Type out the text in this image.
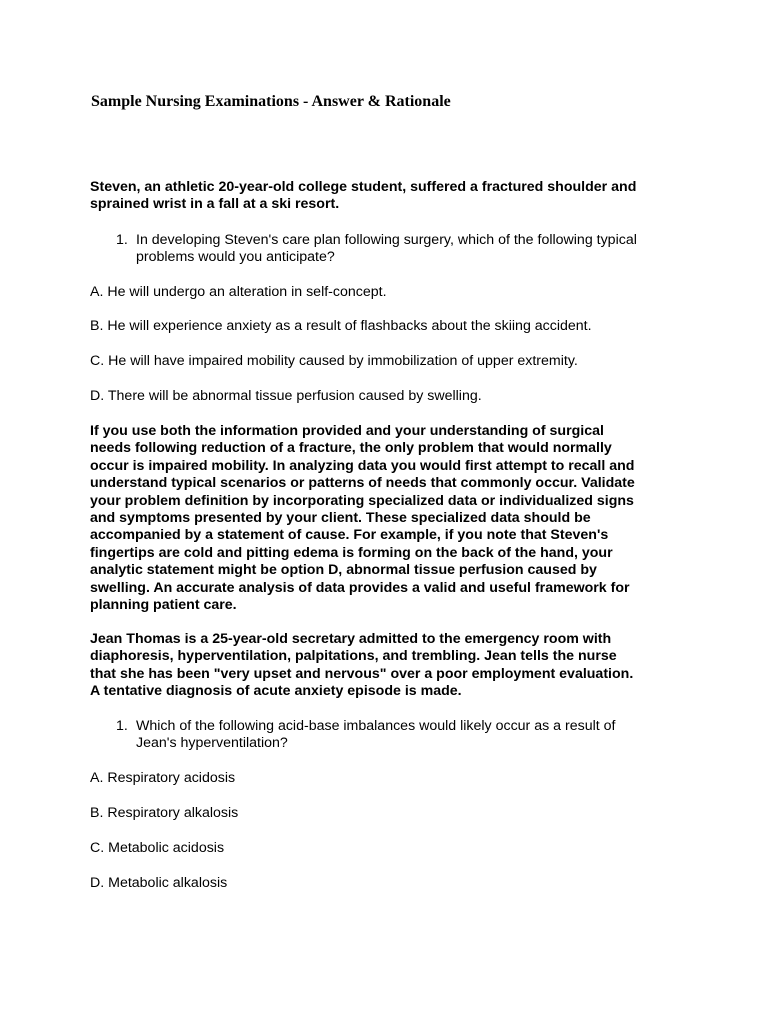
Sample Nursing Examinations - Answer & Rationale
Steven, an athletic 20-year-old college student, suffered a fractured shoulder and
sprained wrist in a fall at a ski resort.
1. In developing Steven's care plan following surgery, which of the following typical
problems would you anticipate?

A. He will undergo an alteration in self-concept.

B. He will experience anxiety as a result of flashbacks about the skiing accident.

C. He will have impaired mobility caused by immobilization of upper extremity.

D. There will be abnormal tissue perfusion caused by swelling.

If you use both the information provided and your understanding of surgical
needs following reduction of a fracture, the only problem that would normally
occur is impaired mobility. In analyzing data you would first attempt to recall and
understand typical scenarios or patterns of needs that commonly occur. Validate
your problem definition by incorporating specialized data or individualized signs
and symptoms presented by your client. These specialized data should be
accompanied by a statement of cause. For example, if you note that Steven's
fingertips are cold and pitting edema is forming on the back of the hand, your
analytic statement might be option D, abnormal tissue perfusion caused by
swelling. An accurate analysis of data provides a valid and useful framework for
planning patient care.
Jean Thomas is a 25-year-old secretary admitted to the emergency room with
diaphoresis, hyperventilation, palpitations, and trembling. Jean tells the nurse
that she has been "very upset and nervous" over a poor employment evaluation.
A tentative diagnosis of acute anxiety episode is made.
1. Which of the following acid-base imbalances would likely occur as a result of
Jean's hyperventilation?

A. Respiratory acidosis

B. Respiratory alkalosis

C. Metabolic acidosis

D. Metabolic alkalosis
